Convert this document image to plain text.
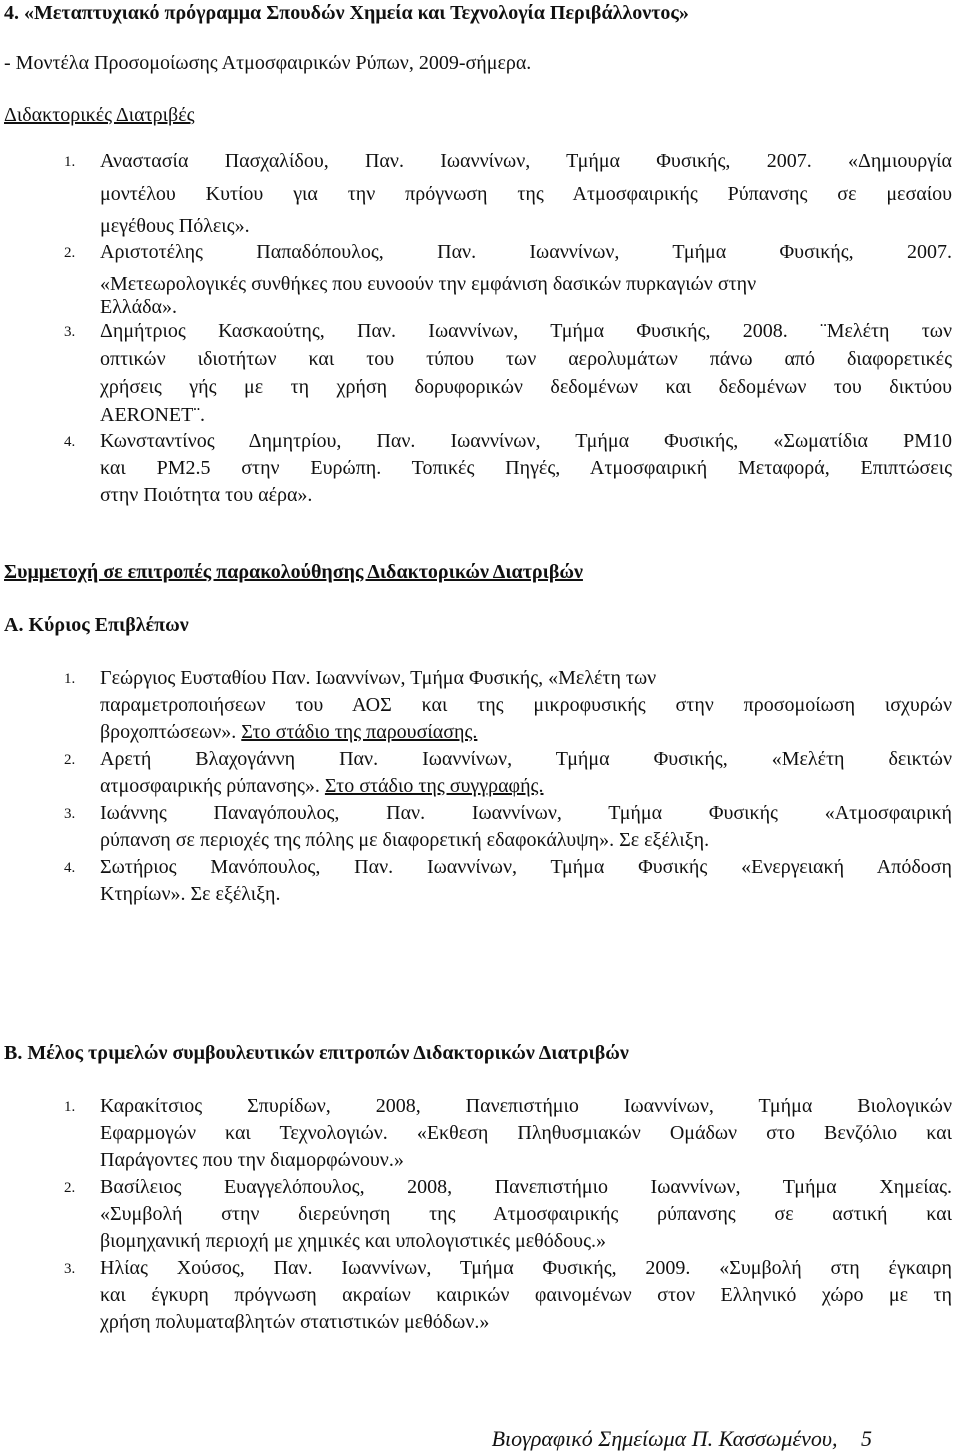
4. «Μεταπτυχιακό πρόγραμμα Σπουδών Χημεία και Τεχνολογία Περιβάλλοντος»
- Μοντέλα Προσομοίωσης Ατμοσφαιρικών Ρύπων, 2009-σήμερα.
Διδακτορικές Διατριβές
1. Αναστασία Πασχαλίδου, Παν. Ιωαννίνων, Τμήμα Φυσικής, 2007. «Δημιουργία
μοντέλου Κυτίου για την πρόγνωση της Ατμοσφαιρικής Ρύπανσης σε μεσαίου
μεγέθους Πόλεις».
2. Αριστοτέλης Παπαδόπουλος, Παν. Ιωαννίνων, Τμήμα Φυσικής, 2007.
«Μετεωρολογικές συνθήκες που ευνοούν την εμφάνιση δασικών πυρκαγιών στην
Ελλάδα».
3. Δημήτριος Κασκαούτης, Παν. Ιωαννίνων, Τμήμα Φυσικής, 2008. ¨Μελέτη των
οπτικών ιδιοτήτων και του τύπου των αερολυμάτων πάνω από διαφορετικές
χρήσεις γής με τη χρήση δορυφορικών δεδομένων και δεδομένων του δικτύου
AERONET¨.
4. Κωνσταντίνος Δημητρίου, Παν. Ιωαννίνων, Τμήμα Φυσικής, «Σωματίδια PM10
και PM2.5 στην Ευρώπη. Τοπικές Πηγές, Ατμοσφαιρική Μεταφορά, Επιπτώσεις
στην Ποιότητα του αέρα».
Συμμετοχή σε επιτροπές παρακολούθησης Διδακτορικών Διατριβών
Α. Κύριος Επιβλέπων
1. Γεώργιος Ευσταθίου Παν. Ιωαννίνων, Τμήμα Φυσικής, «Μελέτη των
παραμετροποιήσεων του ΑΟΣ και της μικροφυσικής στην προσομοίωση ισχυρών
βροχοπτώσεων». Στο στάδιο της παρουσίασης.
2. Αρετή Βλαχογάννη Παν. Ιωαννίνων, Τμήμα Φυσικής, «Μελέτη δεικτών
ατμοσφαιρικής ρύπανσης». Στο στάδιο της συγγραφής.
3. Ιωάννης Παναγόπουλος, Παν. Ιωαννίνων, Τμήμα Φυσικής «Ατμοσφαιρική
ρύπανση σε περιοχές της πόλης με διαφορετική εδαφοκάλυψη». Σε εξέλιξη.
4. Σωτήριος Μανόπουλος, Παν. Ιωαννίνων, Τμήμα Φυσικής «Ενεργειακή Απόδοση
Κτηρίων». Σε εξέλιξη.
Β. Μέλος τριμελών συμβουλευτικών επιτροπών Διδακτορικών Διατριβών
1. Καρακίτσιος Σπυρίδων, 2008, Πανεπιστήμιο Ιωαννίνων, Τμήμα Βιολογικών
Εφαρμογών και Τεχνολογιών. «Εκθεση Πληθυσμιακών Ομάδων στο Βενζόλιο και
Παράγοντες που την διαμορφώνουν.»
2. Βασίλειος Ευαγγελόπουλος, 2008, Πανεπιστήμιο Ιωαννίνων, Τμήμα Χημείας.
«Συμβολή στην διερεύνηση της Ατμοσφαιρικής ρύπανσης σε αστική και
βιομηχανική περιοχή με χημικές και υπολογιστικές μεθόδους.»
3. Ηλίας Χούσος, Παν. Ιωαννίνων, Τμήμα Φυσικής, 2009. «Συμβολή στη έγκαιρη
και έγκυρη πρόγνωση ακραίων καιρικών φαινομένων στον Ελληνικό χώρο με τη
χρήση πολυματαβλητών στατιστικών μεθόδων.»
Βιογραφικό Σημείωμα Π. Κασσωμένου, 5
